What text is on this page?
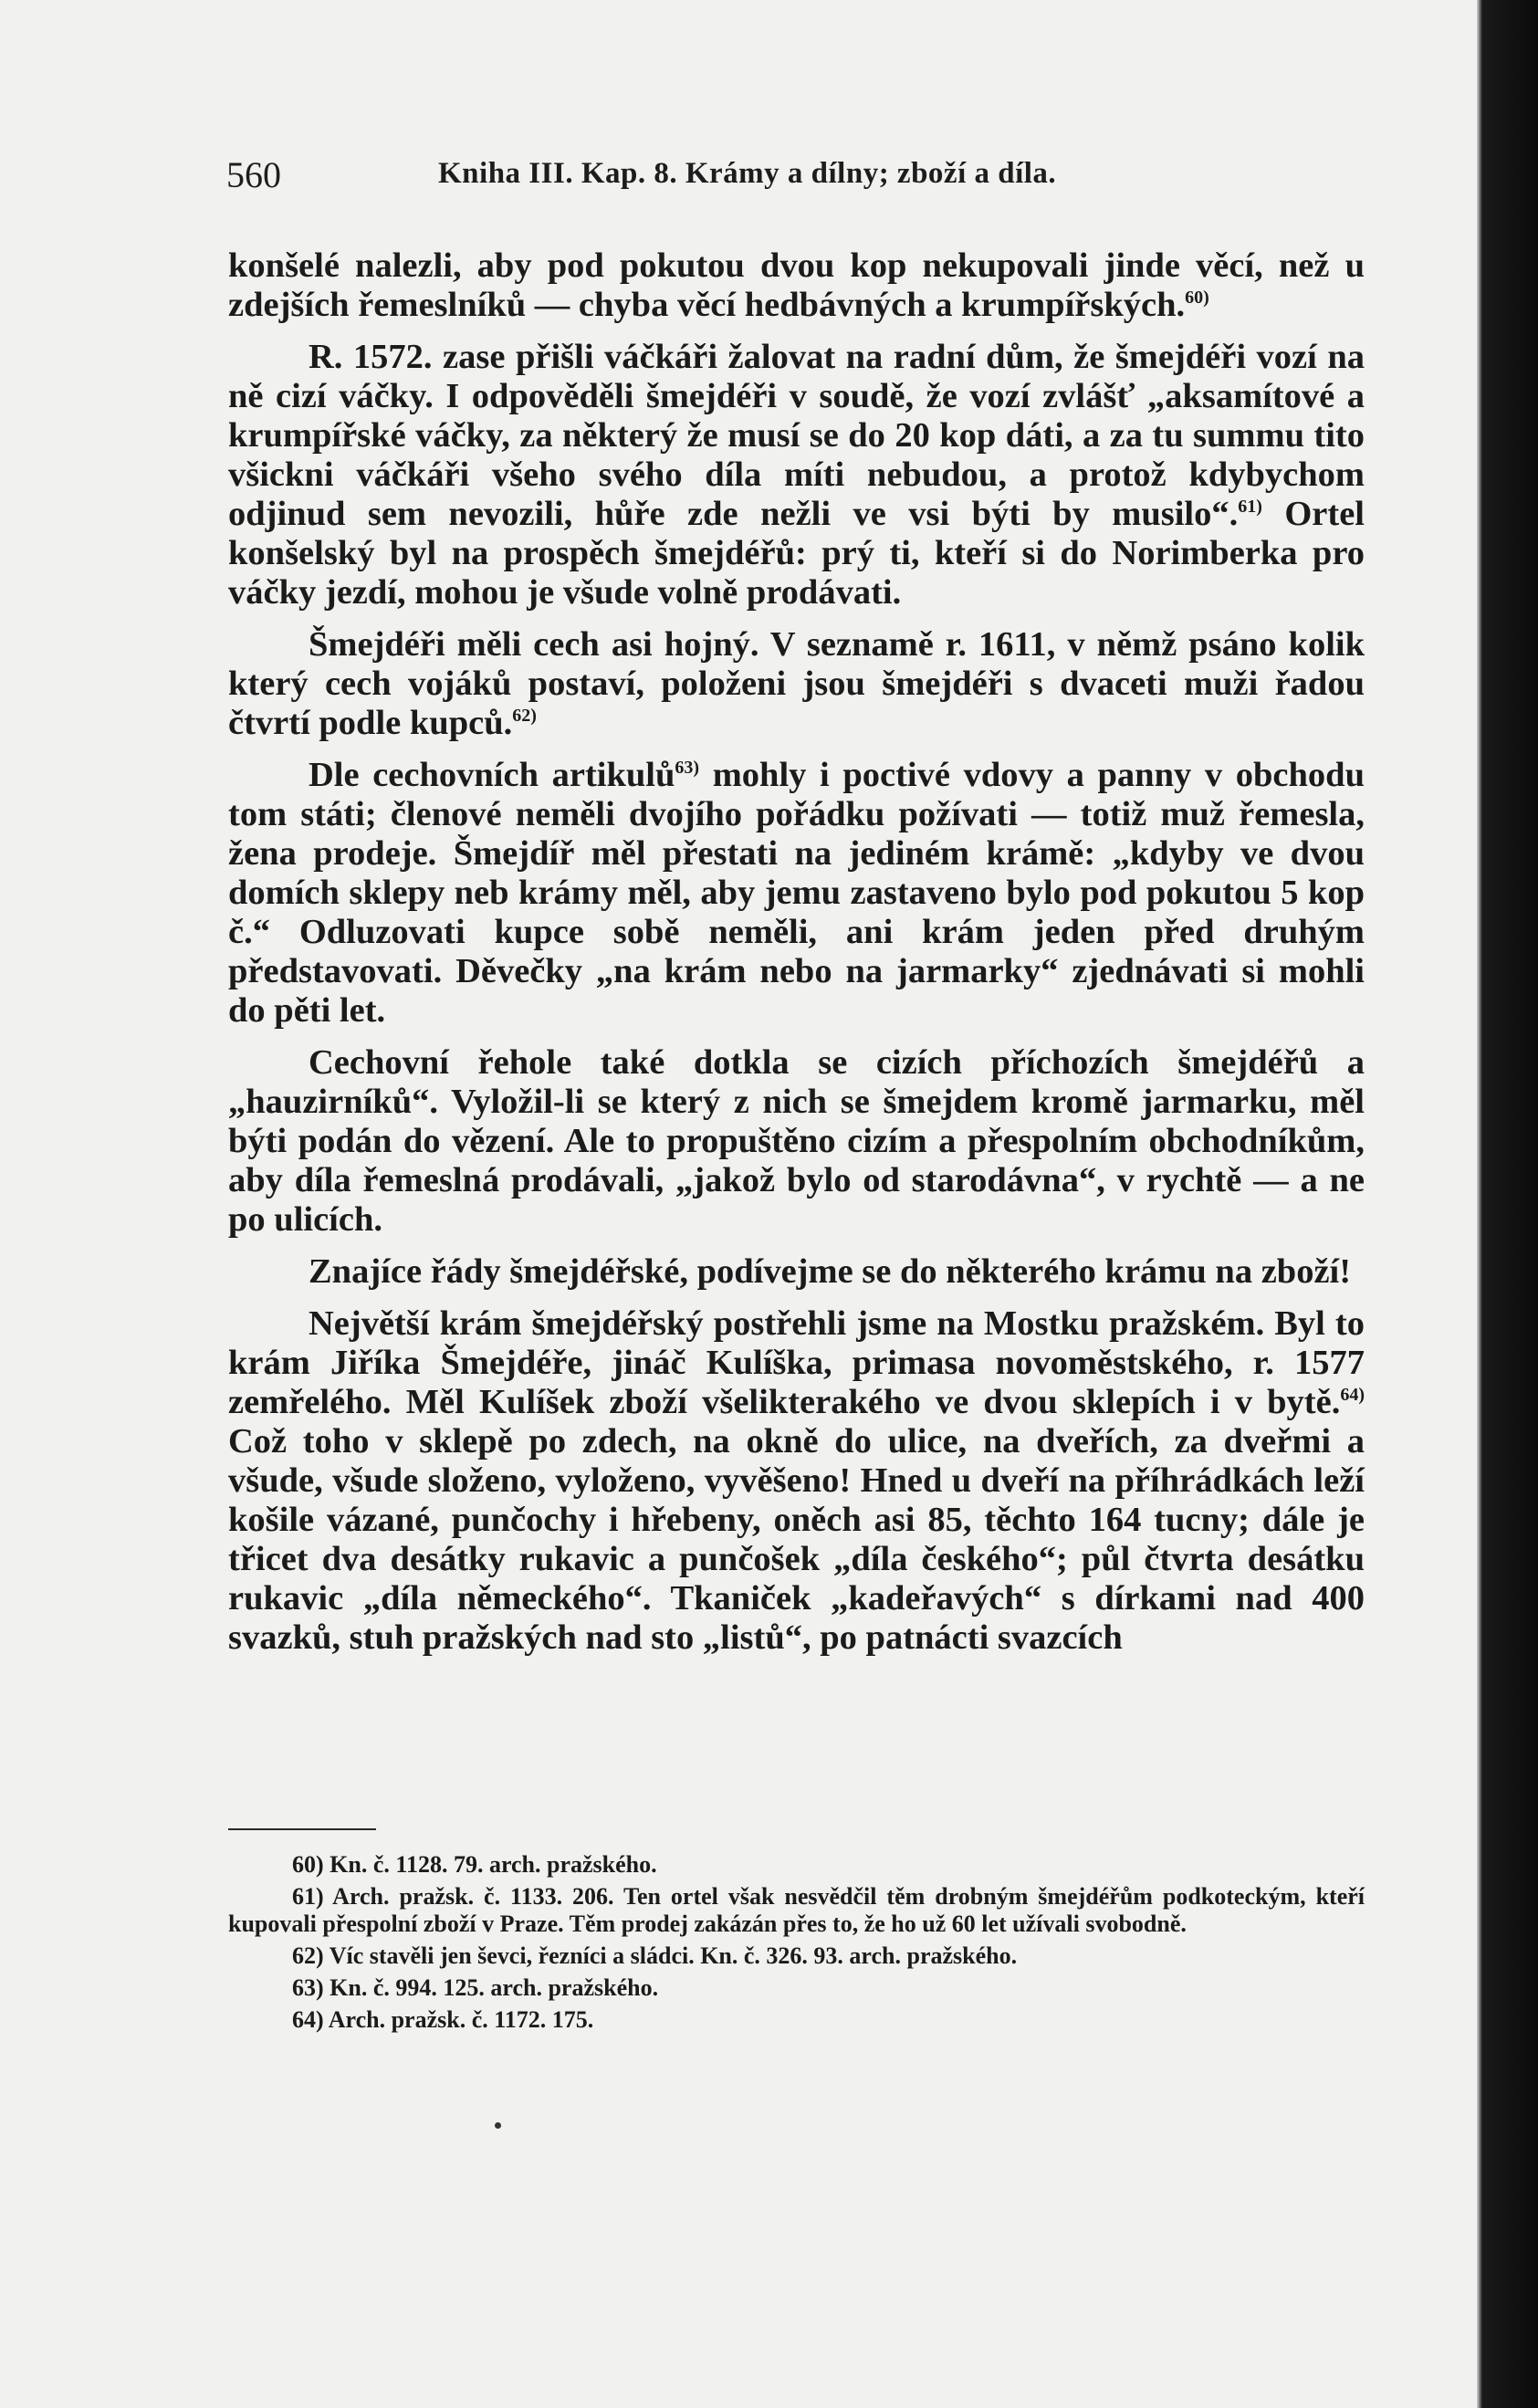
560	Kniha III. Kap. 8. Krámy a dílny; zboží a díla.

konšelé nalezli, aby pod pokutou dvou kop nekupovali jinde věcí, než u zdejších řemeslníků — chyba věcí hedbávných a krumpířských.$^{60)}$

R. 1572. zase přišli váčkáři žalovat na radní dům, že šmejdéři vozí na ně cizí váčky. I odpověděli šmejdéři v soudě, že vozí zvlášť „aksamítové a krumpířské váčky, za některý že musí se do 20 kop dáti, a za tu summu tito všickni váčkáři všeho svého díla míti nebudou, a protož kdybychom odjinud sem nevozili, hůře zde nežli ve vsi býti by musilo“.$^{61)}$ Ortel konšelský byl na prospěch šmejdéřů: prý ti, kteří si do Norimberka pro váčky jezdí, mohou je všude volně prodávati.

Šmejdéři měli cech asi hojný. V seznamě r. 1611, v němž psáno kolik který cech vojáků postaví, položeni jsou šmejdéři s dvaceti muži řadou čtvrtí podle kupců.$^{62)}$

Dle cechovních artikulů$^{63)}$ mohly i poctivé vdovy a panny v obchodu tom státi; členové neměli dvojího pořádku požívati — totiž muž řemesla, žena prodeje. Šmejdíř měl přestati na jediném krámě: „kdyby ve dvou domích sklepy neb krámy měl, aby jemu zastaveno bylo pod pokutou 5 kop č.“ Odluzovati kupce sobě neměli, ani krám jeden před druhým představovati. Děvečky „na krám nebo na jarmarky“ zjednávati si mohli do pěti let.

Cechovní řehole také dotkla se cizích příchozích šmejdéřů a „hauzirníků“. Vyložil-li se který z nich se šmejdem kromě jarmarku, měl býti podán do vězení. Ale to propuštěno cizím a přespolním obchodníkům, aby díla řemeslná prodávali, „jakož bylo od starodávna“, v rychtě — a ne po ulicích.

Znajíce řády šmejdéřské, podívejme se do některého krámu na zboží!

Největší krám šmejdéřský postřehli jsme na Mostku pražském. Byl to krám Jiříka Šmejdéře, jináč Kulíška, primasa novoměstského, r. 1577 zemřelého. Měl Kulíšek zboží všelikterakého ve dvou sklepích i v bytě.$^{64)}$ Což toho v sklepě po zdech, na okně do ulice, na dveřích, za dveřmi a všude, všude složeno, vyloženo, vyvěšeno! Hned u dveří na příhrádkách leží košile vázané, punčochy i hřebeny, oněch asi 85, těchto 164 tucny; dále je třicet dva desátky rukavic a punčošek „díla českého“; půl čtvrta desátku rukavic „díla německého“. Tkaniček „kadeřavých“ s dírkami nad 400 svazků, stuh pražských nad sto „listů“, po patnácti svazcích

60) Kn. č. 1128. 79. arch. pražského.
61) Arch. pražsk. č. 1133. 206. Ten ortel však nesvědčil těm drobným šmejdéřům podkoteckým, kteří kupovali přespolní zboží v Praze. Těm prodej zakázán přes to, že ho už 60 let užívali svobodně.
62) Víc stavěli jen ševci, řezníci a sládci. Kn. č. 326. 93. arch. pražského.
63) Kn. č. 994. 125. arch. pražského.
64) Arch. pražsk. č. 1172. 175.
